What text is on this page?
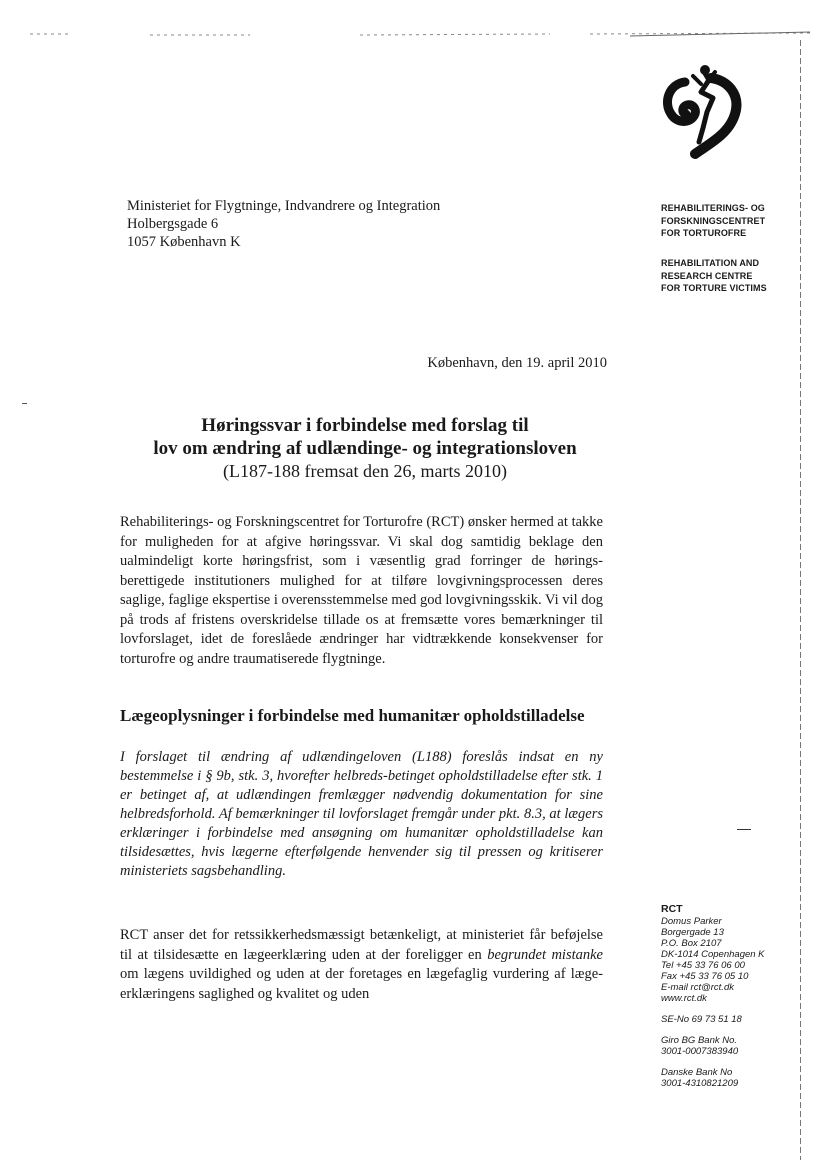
REHABILITERINGS- OG
FORSKNINGSCENTRET
FOR TORTUROFRE
REHABILITATION AND
RESEARCH CENTRE
FOR TORTURE VICTIMS
Ministeriet for Flygtninge, Indvandrere og Integration
Holbergsgade 6
1057 København K
København, den 19. april 2010
Høringssvar i forbindelse med forslag til
lov om ændring af udlændinge- og integrationsloven
(L187-188 fremsat den 26, marts 2010)
Rehabiliterings- og Forskningscentret for Torturofre (RCT) ønsker hermed at takke for muligheden for at afgive høringssvar. Vi skal dog samtidig beklage den ualmindeligt korte høringsfrist, som i væsentlig grad forringer de hørings-berettigede institutioners mulighed for at tilføre lovgivningsprocessen deres saglige, faglige ekspertise i overensstemmelse med god lovgivningsskik. Vi vil dog på trods af fristens overskridelse tillade os at fremsætte vores bemærkninger til lovforslaget, idet de foreslåede ændringer har vidtrækkende konsekvenser for torturofre og andre traumatiserede flygtninge.
Lægeoplysninger i forbindelse med humanitær opholdstilladelse
I forslaget til ændring af udlændingeloven (L188) foreslås indsat en ny bestemmelse i § 9b, stk. 3, hvorefter helbreds-betinget opholdstilladelse efter stk. 1 er betinget af, at udlændingen fremlægger nødvendig dokumentation for sine helbredsforhold. Af bemærkninger til lovforslaget fremgår under pkt. 8.3, at lægers erklæringer i forbindelse med ansøgning om humanitær opholdstilladelse kan tilsidesættes, hvis lægerne efterfølgende henvender sig til pressen og kritiserer ministeriets sagsbehandling.
RCT anser det for retssikkerhedsmæssigt betænkeligt, at ministeriet får beføjelse til at tilsidesætte en lægeerklæring uden at der foreligger en begrundet mistanke om lægens uvildighed og uden at der foretages en lægefaglig vurdering af læge-erklæringens saglighed og kvalitet og uden
RCT
Domus Parker
Borgergade 13
P.O. Box 2107
DK-1014 Copenhagen K
Tel +45 33 76 06 00
Fax +45 33 76 05 10
E-mail rct@rct.dk
www.rct.dk
SE-No 69 73 51 18
Giro BG Bank No.
3001-0007383940
Danske Bank No
3001-4310821209
